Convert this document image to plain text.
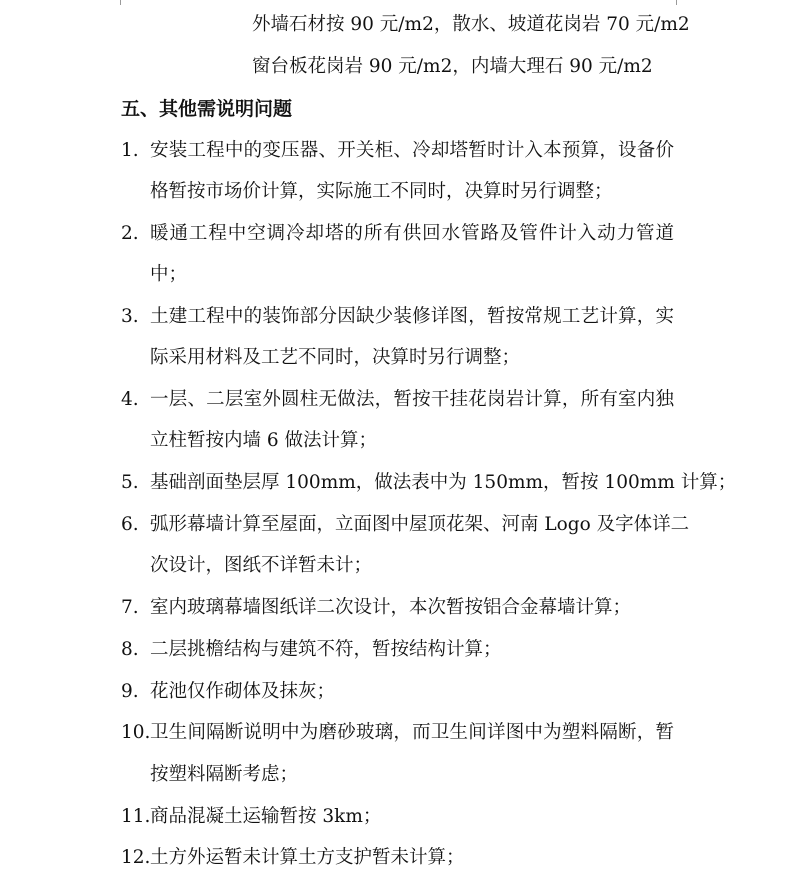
外墙石材按 90 元/m2，散水、坡道花岗岩 70 元/m2
窗台板花岗岩 90 元/m2，内墙大理石 90 元/m2
五、其他需说明问题
1. 安装工程中的变压器、开关柜、冷却塔暂时计入本预算，设备价
格暂按市场价计算，实际施工不同时，决算时另行调整；
2. 暖通工程中空调冷却塔的所有供回水管路及管件计入动力管道
中；
3. 土建工程中的装饰部分因缺少装修详图，暂按常规工艺计算，实
际采用材料及工艺不同时，决算时另行调整；
4. 一层、二层室外圆柱无做法，暂按干挂花岗岩计算，所有室内独
立柱暂按内墙 6 做法计算；
5. 基础剖面垫层厚 100mm，做法表中为 150mm，暂按 100mm 计算；
6. 弧形幕墙计算至屋面，立面图中屋顶花架、河南 Logo 及字体详二
次设计，图纸不详暂未计；
7. 室内玻璃幕墙图纸详二次设计，本次暂按铝合金幕墙计算；
8. 二层挑檐结构与建筑不符，暂按结构计算；
9. 花池仅作砌体及抹灰；
10. 卫生间隔断说明中为磨砂玻璃，而卫生间详图中为塑料隔断，暂
按塑料隔断考虑；
11. 商品混凝土运输暂按 3km；
12. 土方外运暂未计算土方支护暂未计算；
